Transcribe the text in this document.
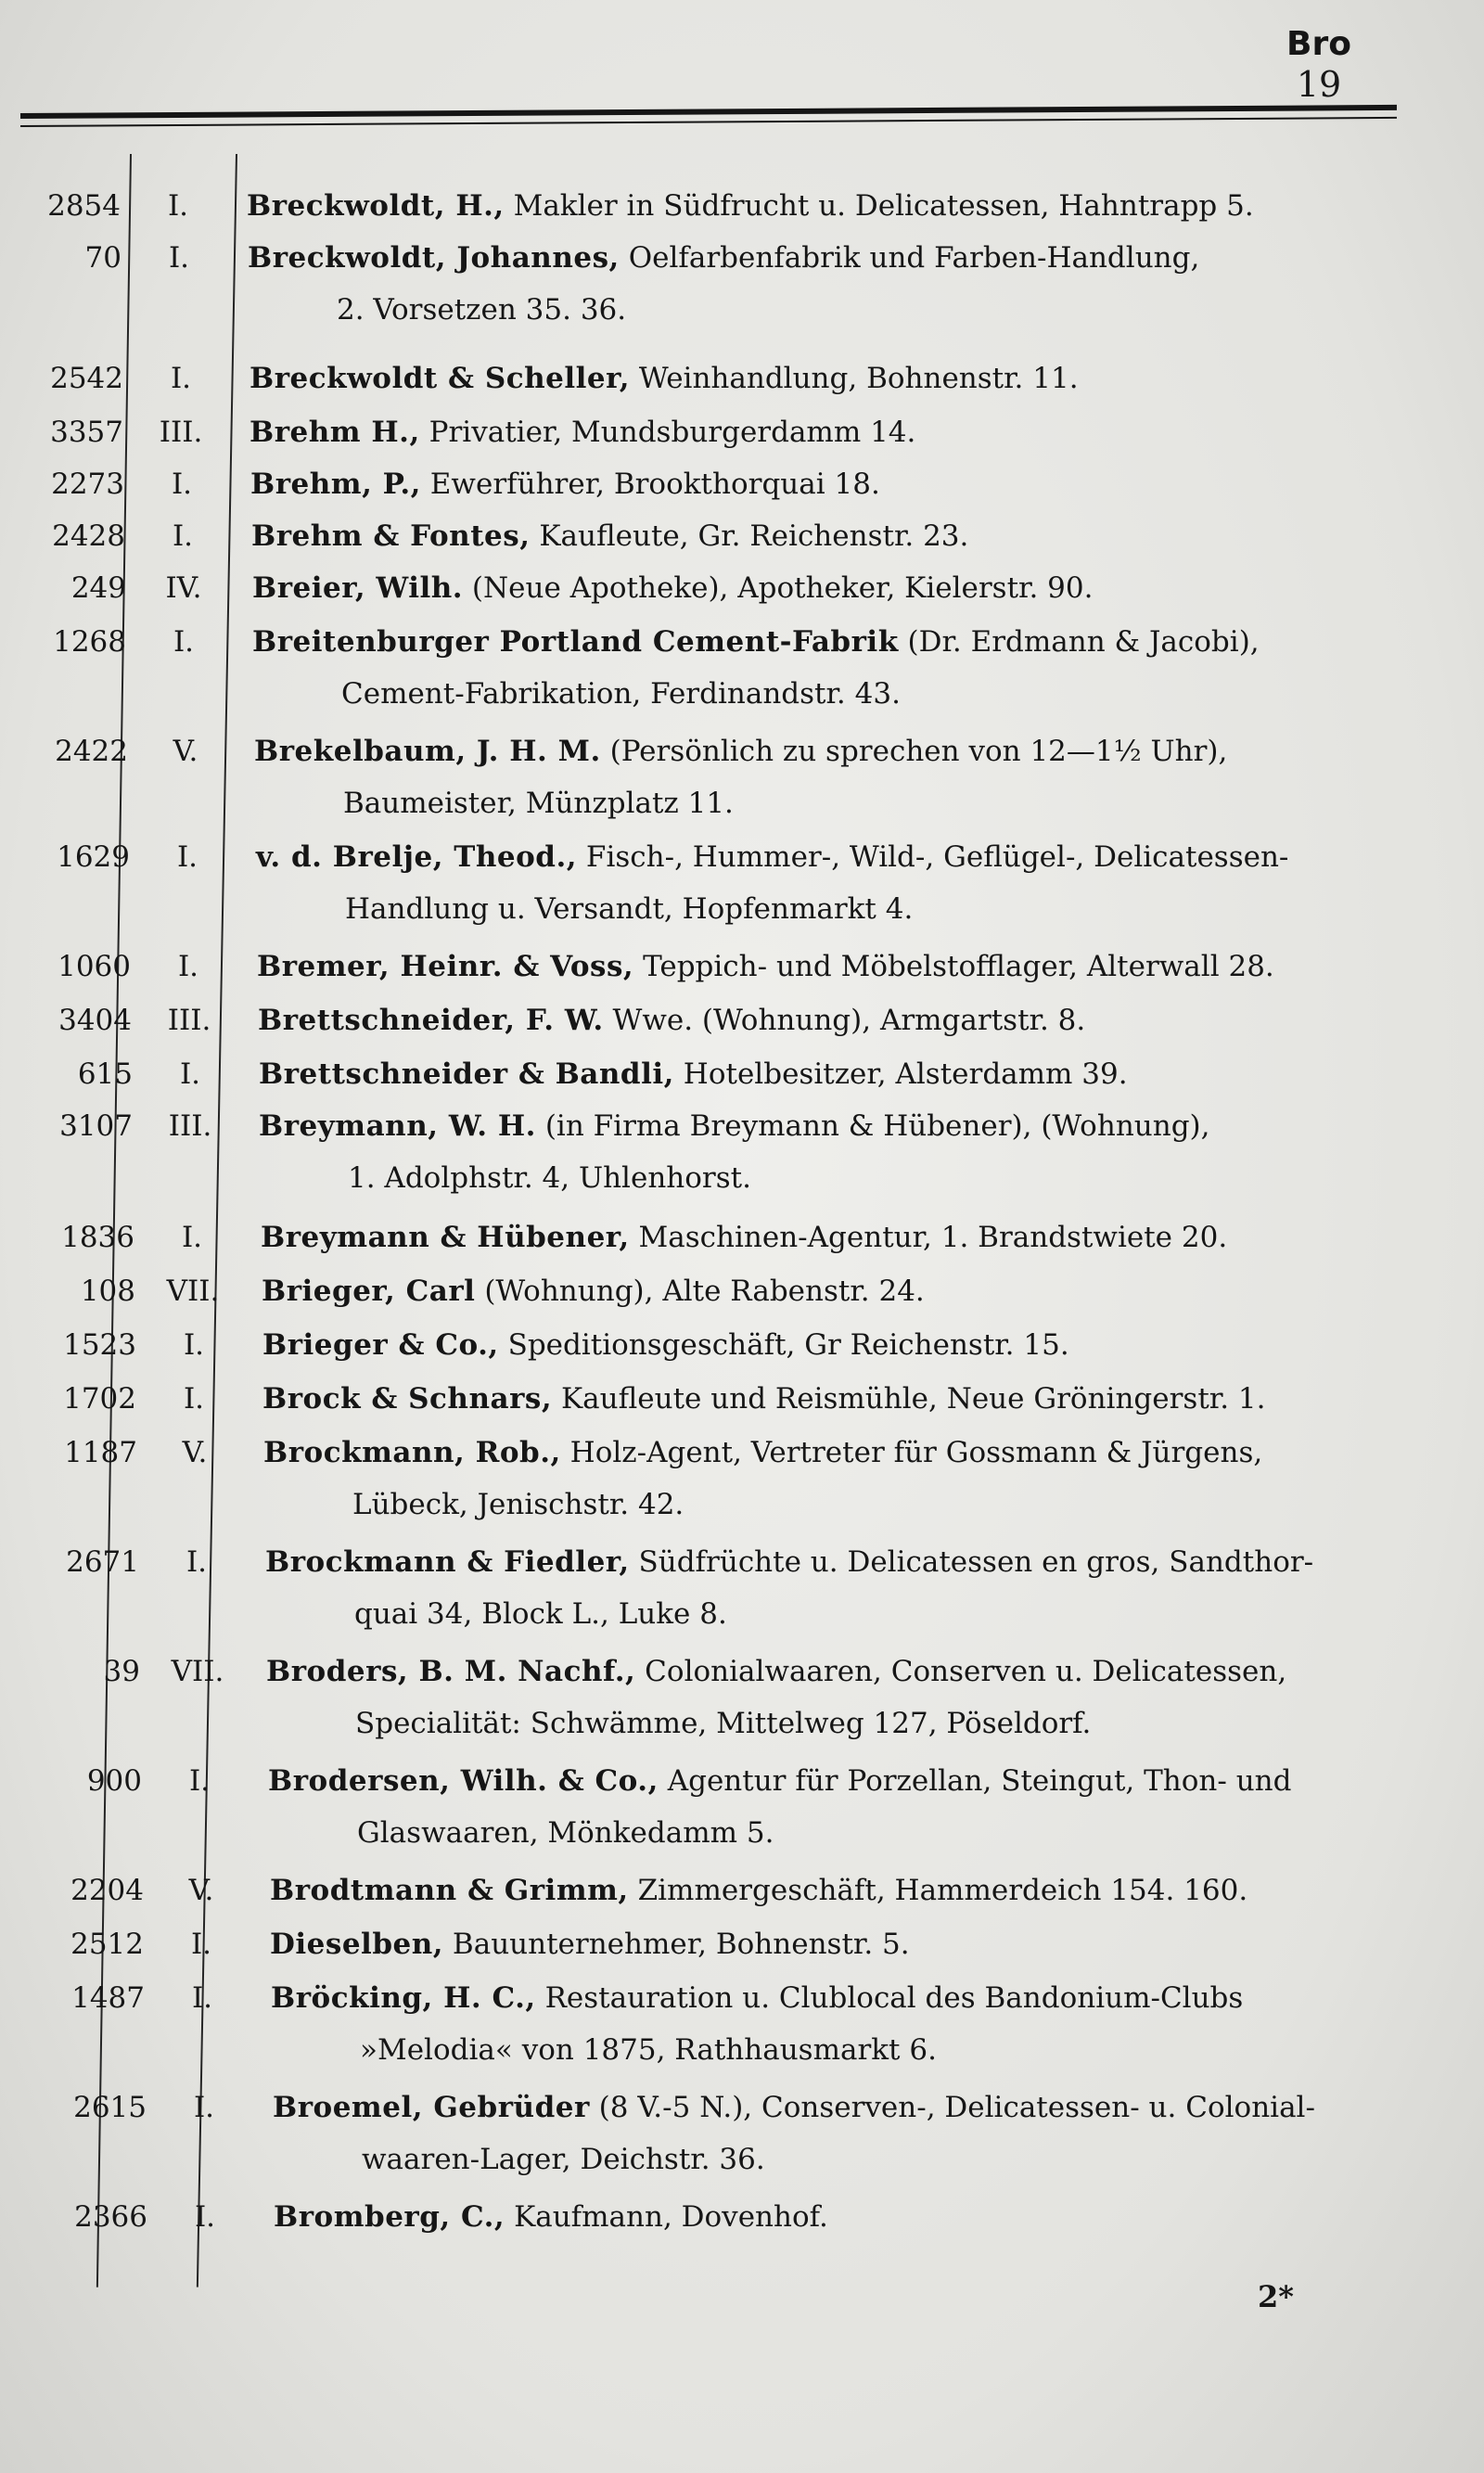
Bro
19
2854	I.	Breckwoldt, H., Makler in Südfrucht u. Delicatessen, Hahntrapp 5.
70	I.	Breckwoldt, Johannes, Oelfarbenfabrik und Farben-Handlung,
2. Vorsetzen 35. 36.
2542	I.	Breckwoldt & Scheller, Weinhandlung, Bohnenstr. 11.
3357	III.	Brehm H., Privatier, Mundsburgerdamm 14.
2273	I.	Brehm, P., Ewerführer, Brookthorquai 18.
2428	I.	Brehm & Fontes, Kaufleute, Gr. Reichenstr. 23.
249	IV.	Breier, Wilh. (Neue Apotheke), Apotheker, Kielerstr. 90.
1268	I.	Breitenburger Portland Cement-Fabrik (Dr. Erdmann & Jacobi),
Cement-Fabrikation, Ferdinandstr. 43.
2422	V.	Brekelbaum, J. H. M. (Persönlich zu sprechen von 12—1½ Uhr),
Baumeister, Münzplatz 11.
1629	I.	v. d. Brelje, Theod., Fisch-, Hummer-, Wild-, Geflügel-, Delicatessen-
Handlung u. Versandt, Hopfenmarkt 4.
1060	I.	Bremer, Heinr. & Voss, Teppich- und Möbelstofflager, Alterwall 28.
3404	III.	Brettschneider, F. W. Wwe. (Wohnung), Armgartstr. 8.
615	I.	Brettschneider & Bandli, Hotelbesitzer, Alsterdamm 39.
3107	III.	Breymann, W. H. (in Firma Breymann & Hübener), (Wohnung),
1. Adolphstr. 4, Uhlenhorst.
1836	I.	Breymann & Hübener, Maschinen-Agentur, 1. Brandstwiete 20.
108	VII.	Brieger, Carl (Wohnung), Alte Rabenstr. 24.
1523	I.	Brieger & Co., Speditionsgeschäft, Gr Reichenstr. 15.
1702	I.	Brock & Schnars, Kaufleute und Reismühle, Neue Gröningerstr. 1.
1187	V.	Brockmann, Rob., Holz-Agent, Vertreter für Gossmann & Jürgens,
Lübeck, Jenischstr. 42.
2671	I.	Brockmann & Fiedler, Südfrüchte u. Delicatessen en gros, Sandthor-
quai 34, Block L., Luke 8.
39	VII.	Broders, B. M. Nachf., Colonialwaaren, Conserven u. Delicatessen,
Specialität: Schwämme, Mittelweg 127, Pöseldorf.
900	I.	Brodersen, Wilh. & Co., Agentur für Porzellan, Steingut, Thon- und
Glaswaaren, Mönkedamm 5.
2204	V.	Brodtmann & Grimm, Zimmergeschäft, Hammerdeich 154. 160.
2512	I.	Dieselben, Bauunternehmer, Bohnenstr. 5.
1487	I.	Bröcking, H. C., Restauration u. Clublocal des Bandonium-Clubs
»Melodia« von 1875, Rathhausmarkt 6.
2615	I.	Broemel, Gebrüder (8 V.-5 N.), Conserven-, Delicatessen- u. Colonial-
waaren-Lager, Deichstr. 36.
2366	I.	Bromberg, C., Kaufmann, Dovenhof.
2*
